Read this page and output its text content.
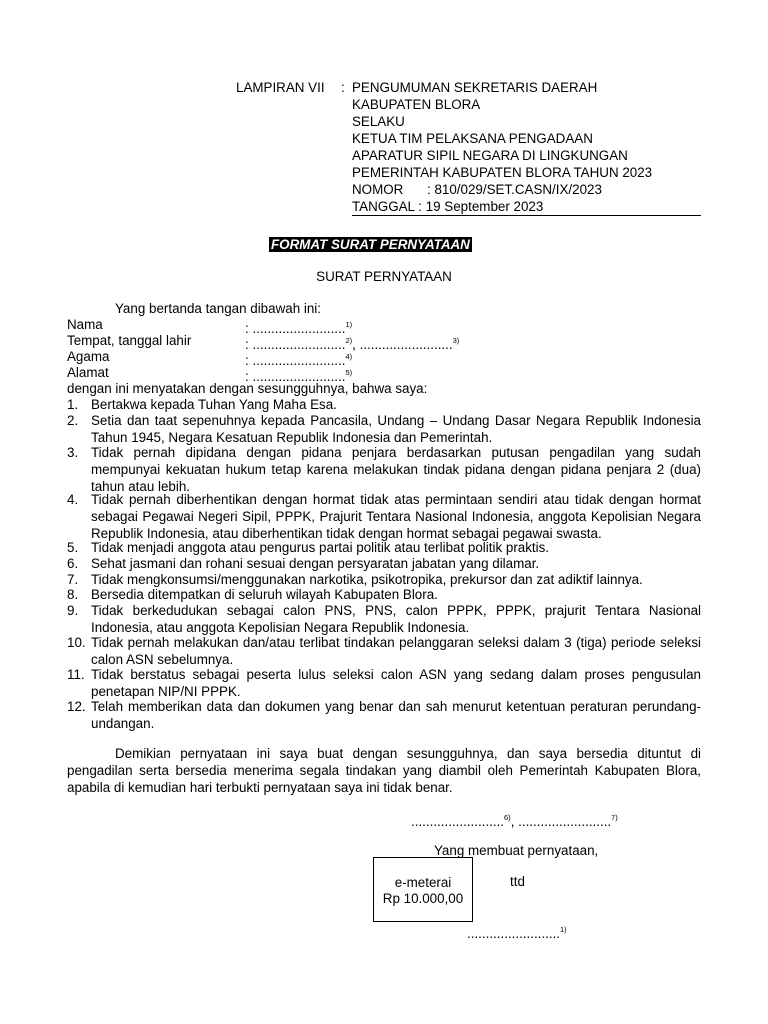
LAMPIRAN VII : PENGUMUMAN SEKRETARIS DAERAH
KABUPATEN BLORA
SELAKU
KETUA TIM PELAKSANA PENGADAAN
APARATUR SIPIL NEGARA DI LINGKUNGAN
PEMERINTAH KABUPATEN BLORA TAHUN 2023
NOMOR : 810/029/SET.CASN/IX/2023
TANGGAL : 19 September 2023
FORMAT SURAT PERNYATAAN
SURAT PERNYATAAN
Yang bertanda tangan dibawah ini:
Nama	: .........................$^{1)}$
Tempat, tanggal lahir	: .........................$^{2)}$, .........................$^{3)}$
Agama	: .........................$^{4)}$
Alamat	: .........................$^{5)}$
dengan ini menyatakan dengan sesungguhnya, bahwa saya:
1. Bertakwa kepada Tuhan Yang Maha Esa.
2. Setia dan taat sepenuhnya kepada Pancasila, Undang – Undang Dasar Negara Republik Indonesia Tahun 1945, Negara Kesatuan Republik Indonesia dan Pemerintah.
3. Tidak pernah dipidana dengan pidana penjara berdasarkan putusan pengadilan yang sudah mempunyai kekuatan hukum tetap karena melakukan tindak pidana dengan pidana penjara 2 (dua) tahun atau lebih.
4. Tidak pernah diberhentikan dengan hormat tidak atas permintaan sendiri atau tidak dengan hormat sebagai Pegawai Negeri Sipil, PPPK, Prajurit Tentara Nasional Indonesia, anggota Kepolisian Negara Republik Indonesia, atau diberhentikan tidak dengan hormat sebagai pegawai swasta.
5. Tidak menjadi anggota atau pengurus partai politik atau terlibat politik praktis.
6. Sehat jasmani dan rohani sesuai dengan persyaratan jabatan yang dilamar.
7. Tidak mengkonsumsi/menggunakan narkotika, psikotropika, prekursor dan zat adiktif lainnya.
8. Bersedia ditempatkan di seluruh wilayah Kabupaten Blora.
9. Tidak berkedudukan sebagai calon PNS, PNS, calon PPPK, PPPK, prajurit Tentara Nasional Indonesia, atau anggota Kepolisian Negara Republik Indonesia.
10. Tidak pernah melakukan dan/atau terlibat tindakan pelanggaran seleksi dalam 3 (tiga) periode seleksi calon ASN sebelumnya.
11. Tidak berstatus sebagai peserta lulus seleksi calon ASN yang sedang dalam proses pengusulan penetapan NIP/NI PPPK.
12. Telah memberikan data dan dokumen yang benar dan sah menurut ketentuan peraturan perundang-undangan.
Demikian pernyataan ini saya buat dengan sesungguhnya, dan saya bersedia dituntut di pengadilan serta bersedia menerima segala tindakan yang diambil oleh Pemerintah Kabupaten Blora, apabila di kemudian hari terbukti pernyataan saya ini tidak benar.
.........................$^{6)}$, .........................$^{7)}$
Yang membuat pernyataan,
e-meterai
Rp 10.000,00
ttd
.........................$^{1)}$
